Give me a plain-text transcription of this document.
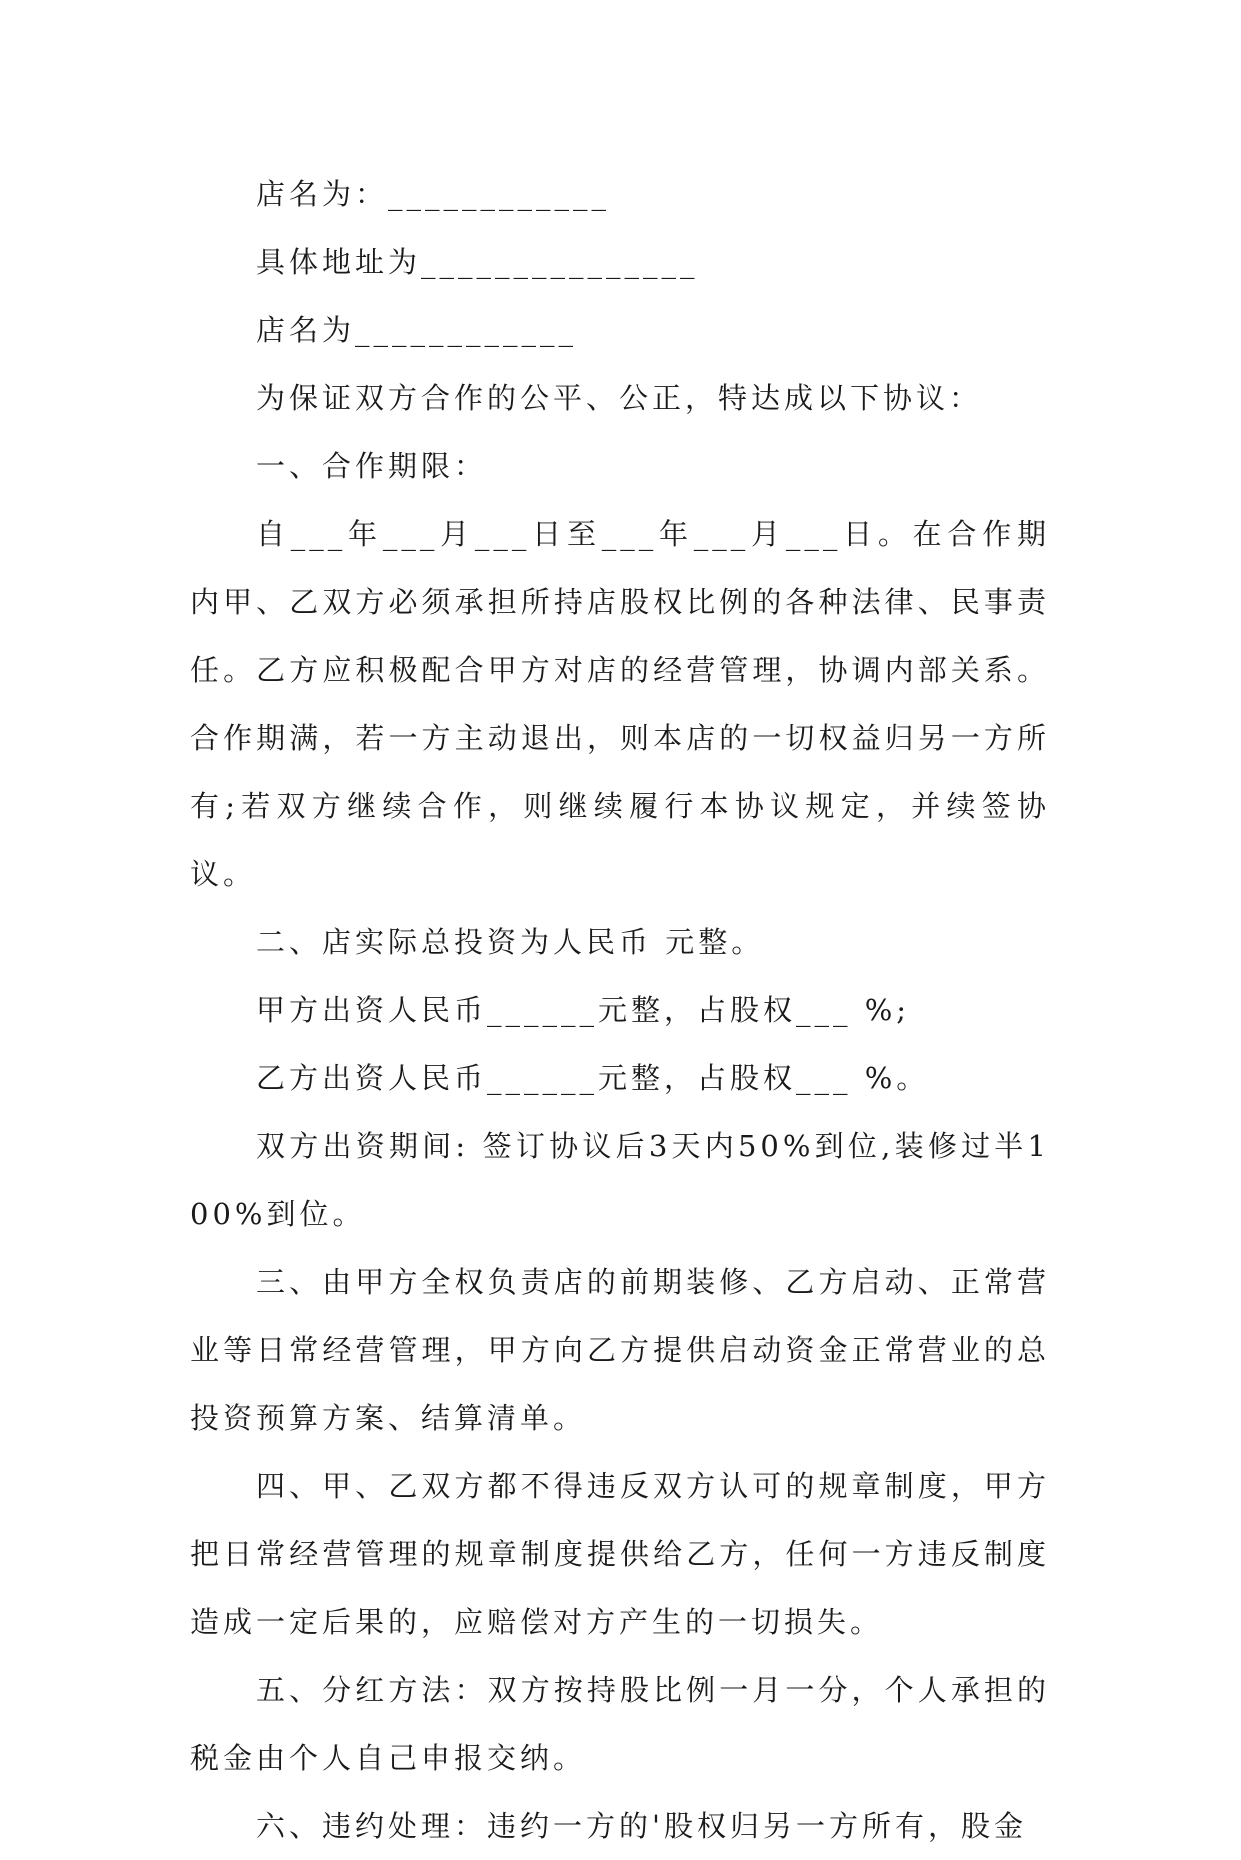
店名为：____________

具体地址为_______________

店名为____________

为保证双方合作的公平、公正，特达成以下协议：

一、合作期限：

自___年___月___日至___年___月___日。在合作期内甲、乙双方必须承担所持店股权比例的各种法律、民事责任。乙方应积极配合甲方对店的经营管理，协调内部关系。合作期满，若一方主动退出，则本店的一切权益归另一方所有;若双方继续合作，则继续履行本协议规定，并续签协议。

二、店实际总投资为人民币 元整。

甲方出资人民币______元整，占股权___ %;

乙方出资人民币______元整，占股权___ %。

双方出资期间: 签订协议后3天内50%到位,装修过半100%到位。

三、由甲方全权负责店的前期装修、乙方启动、正常营业等日常经营管理，甲方向乙方提供启动资金正常营业的总投资预算方案、结算清单。

四、甲、乙双方都不得违反双方认可的规章制度，甲方把日常经营管理的规章制度提供给乙方，任何一方违反制度造成一定后果的，应赔偿对方产生的一切损失。

五、分红方法：双方按持股比例一月一分，个人承担的税金由个人自己申报交纳。

六、违约处理：违约一方的'股权归另一方所有，股金
